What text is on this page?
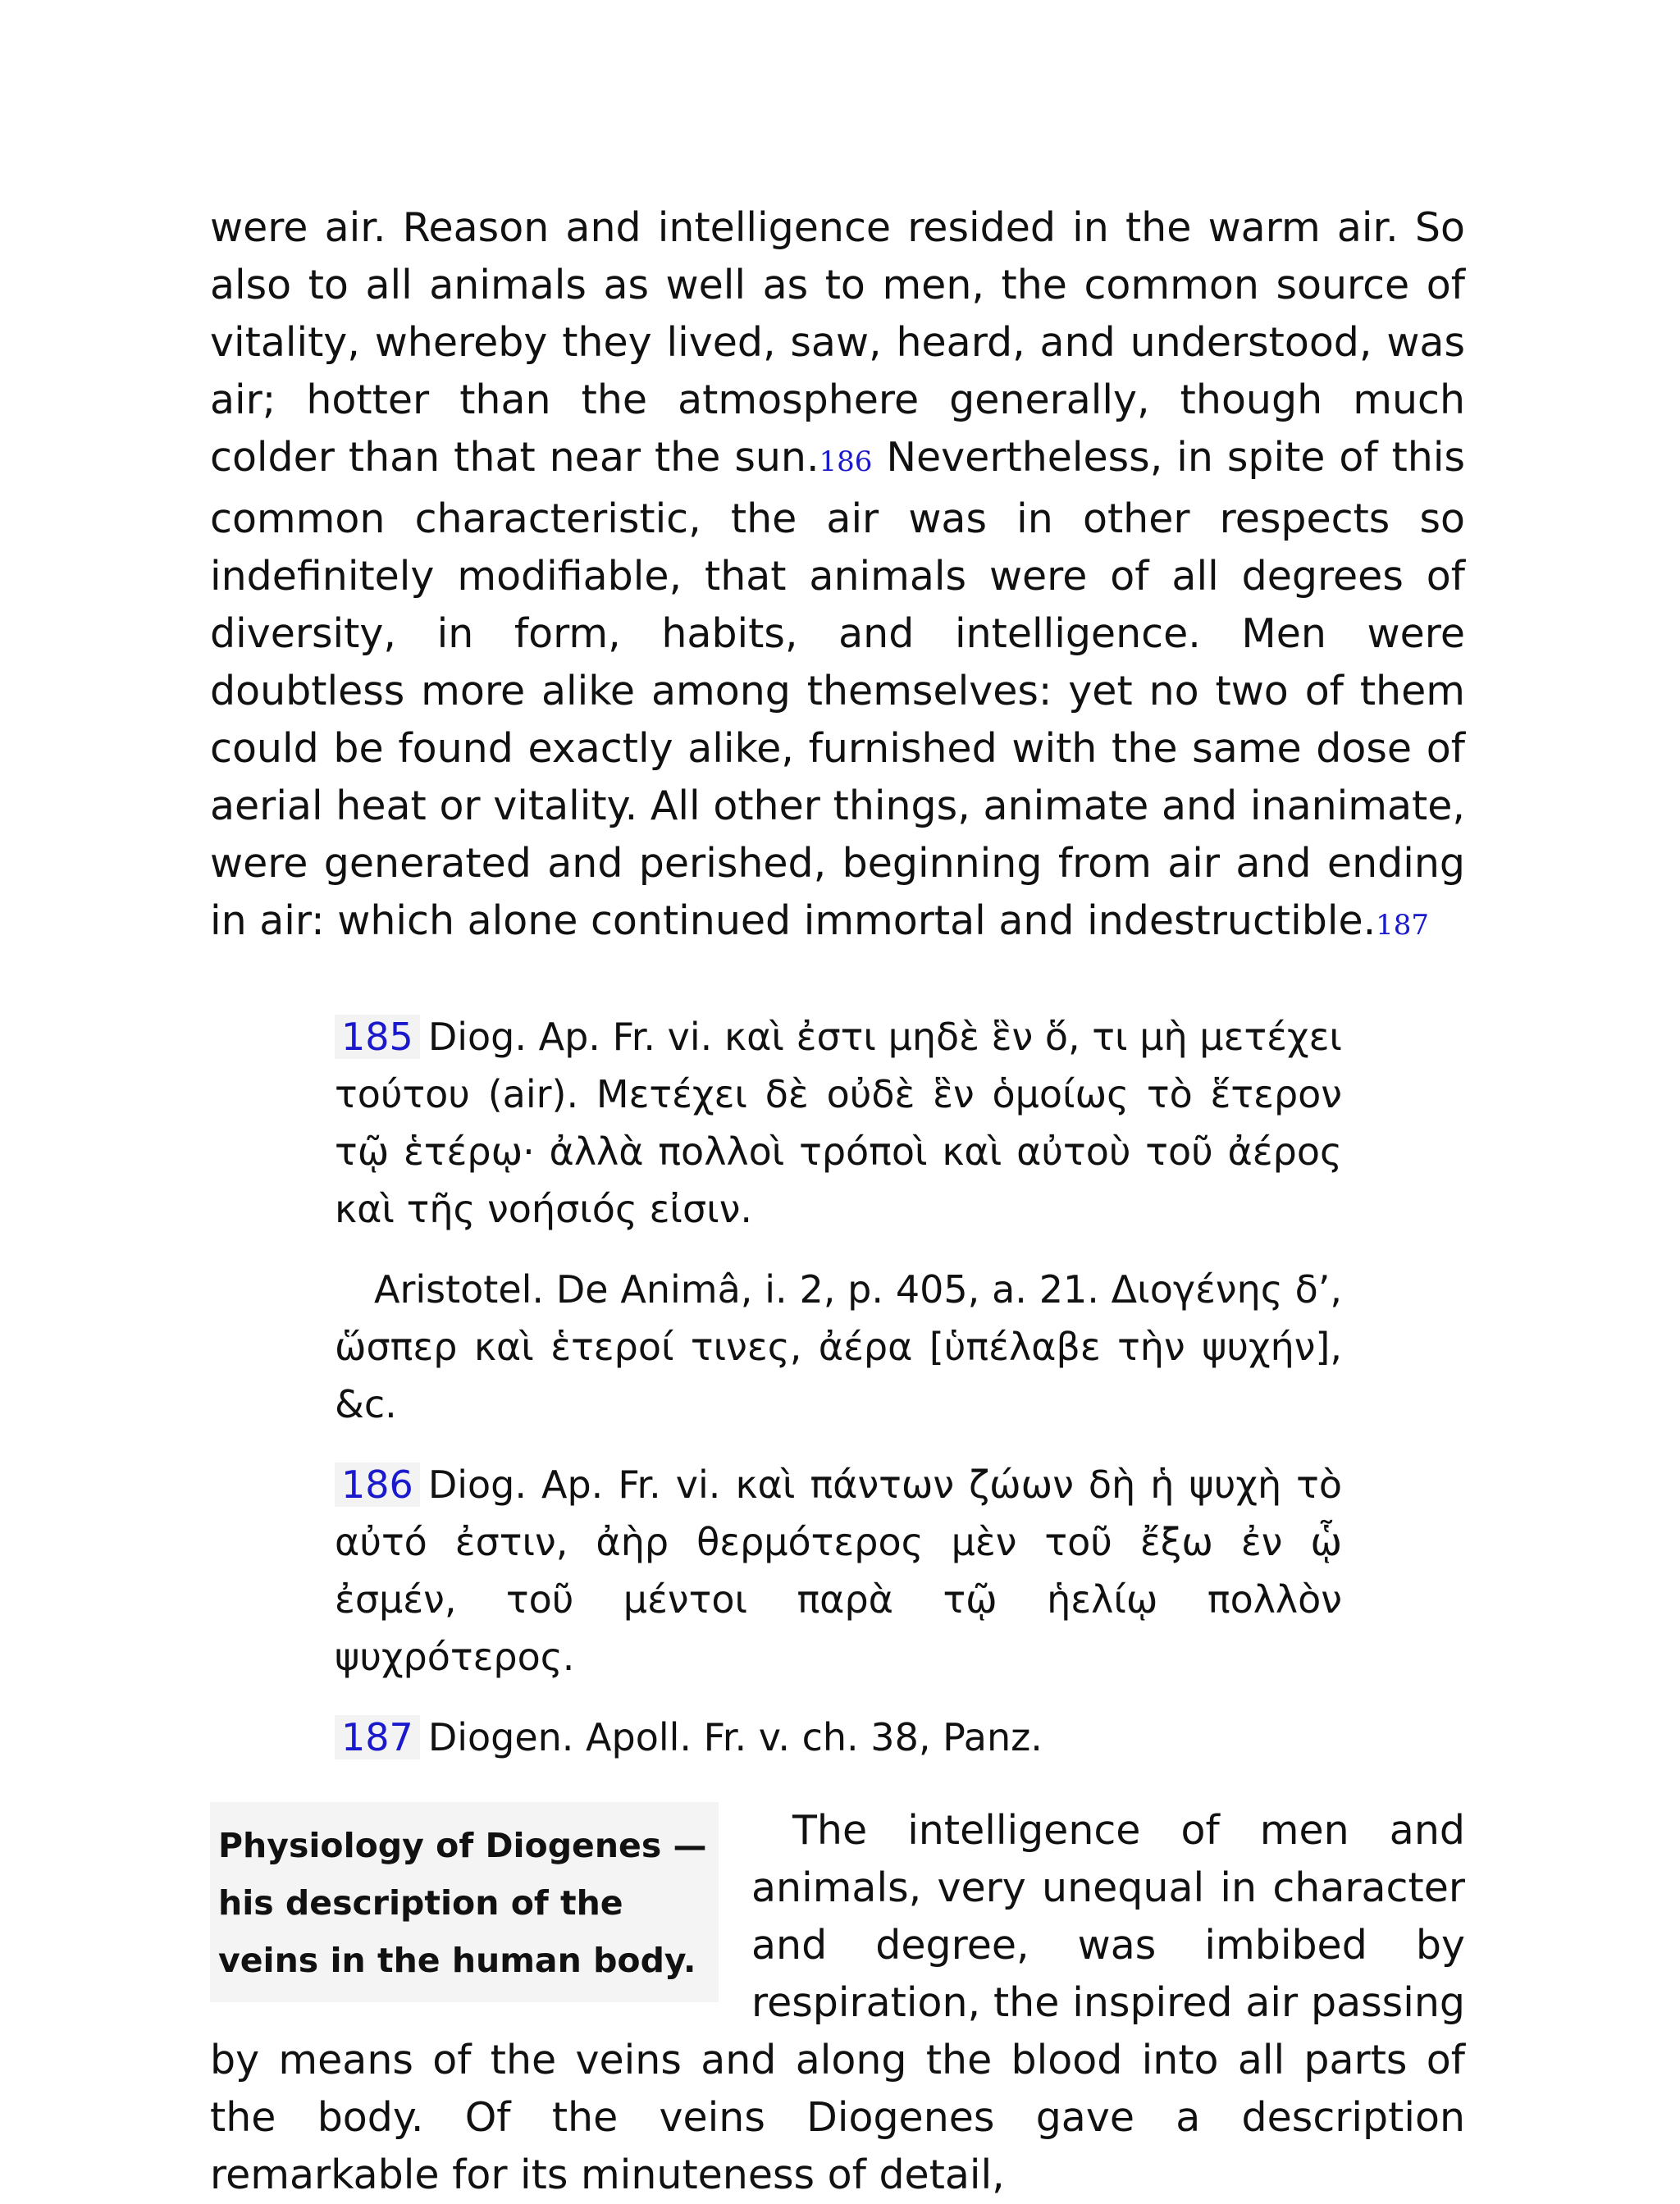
were air. Reason and intelligence resided in the warm air. So also to all animals as well as to men, the common source of vitality, whereby they lived, saw, heard, and understood, was air; hotter than the atmosphere generally, though much colder than that near the sun.186 Nevertheless, in spite of this common characteristic, the air was in other respects so indefinitely modifiable, that animals were of all degrees of diversity, in form, habits, and intelligence. Men were doubtless more alike among themselves: yet no two of them could be found exactly alike, furnished with the same dose of aerial heat or vitality. All other things, animate and inanimate, were generated and perished, beginning from air and ending in air: which alone continued immortal and indestructible.187

185 Diog. Ap. Fr. vi. καὶ ἐστι μηδὲ ἓν ὅ, τι μὴ μετέχει τούτου (air). Μετέχει δὲ οὐδὲ ἓν ὁμοίως τὸ ἕτερον τῷ ἑτέρῳ· ἀλλὰ πολλοὶ τρόποὶ καὶ αὐτοὺ τοῦ ἀέρος καὶ τῆς νοήσιός εἰσιν.

Aristotel. De Animâ, i. 2, p. 405, a. 21. Διογένης δ’, ὥσπερ καὶ ἑτεροί τινες, ἀέρα [ὑπέλαβε τὴν ψυχήν], &c.

186 Diog. Ap. Fr. vi. καὶ πάντων ζώων δὴ ἡ ψυχὴ τὸ αὐτό ἐστιν, ἀὴρ θερμότερος μὲν τοῦ ἔξω ἐν ᾧ ἐσμέν, τοῦ μέντοι παρὰ τῷ ἡελίῳ πολλὸν ψυχρότερος.

187 Diogen. Apoll. Fr. v. ch. 38, Panz.

Physiology of Diogenes — his description of the veins in the human body.

The intelligence of men and animals, very unequal in character and degree, was imbibed by respiration, the inspired air passing by means of the veins and along the blood into all parts of the body. Of the veins Diogenes gave a description remarkable for its minuteness of detail,
